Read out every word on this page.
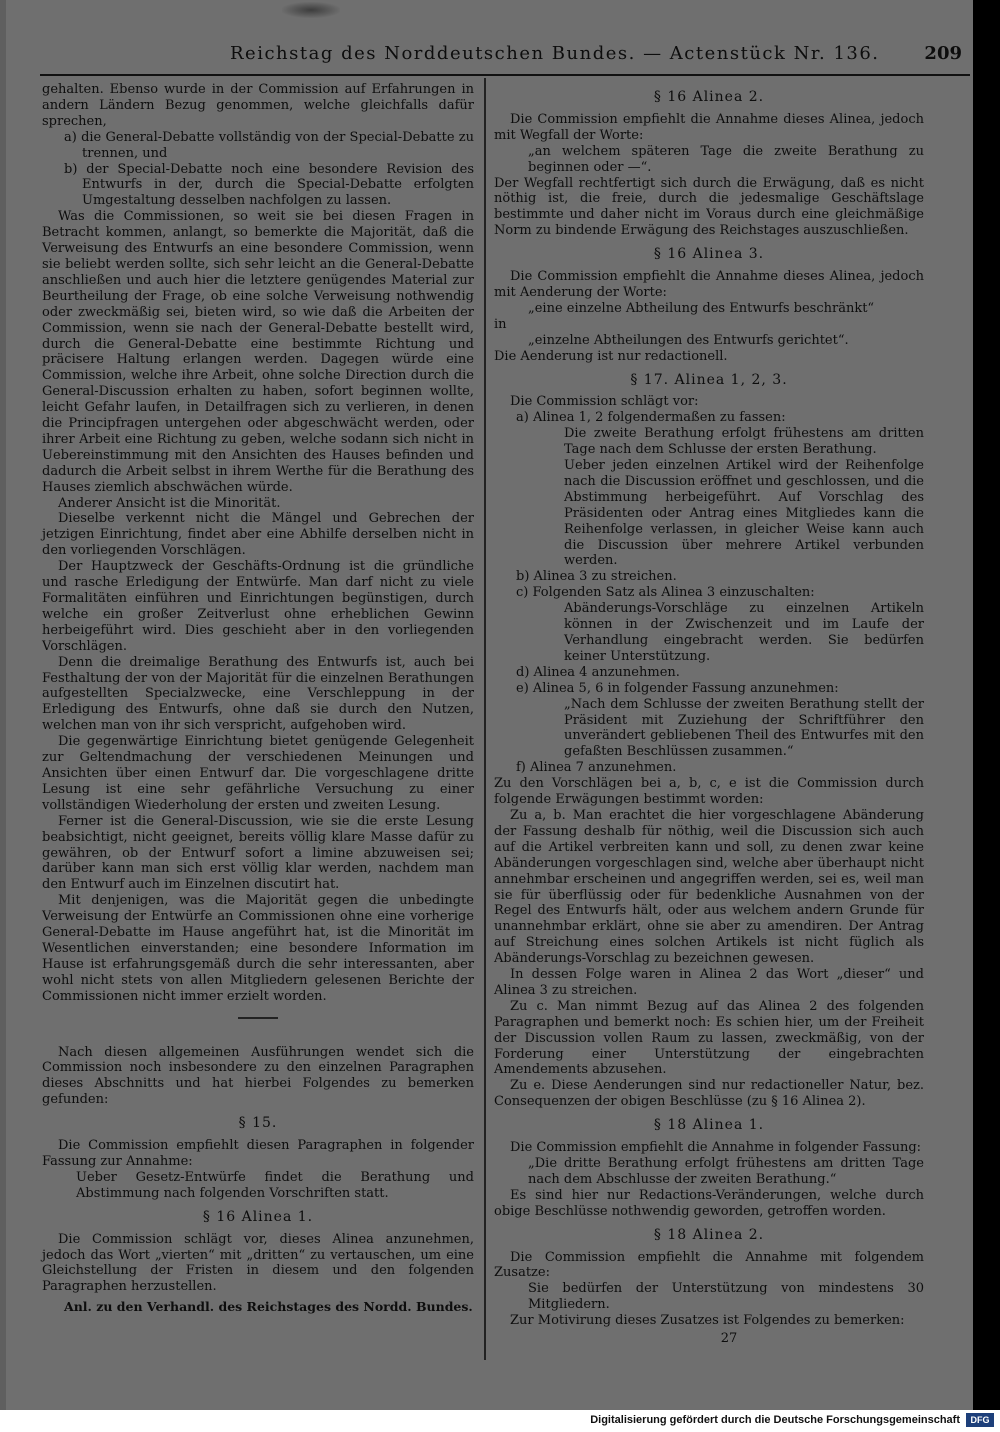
Reichstag des Norddeutschen Bundes. — Actenstück Nr. 136. 209

gehalten. Ebenso wurde in der Commission auf Erfahrungen in andern Ländern Bezug genommen, welche gleichfalls dafür sprechen,

a) die General-Debatte vollständig von der Special-Debatte zu trennen, und

b) der Special-Debatte noch eine besondere Revision des Entwurfs in der, durch die Special-Debatte erfolgten Umgestaltung desselben nachfolgen zu lassen.

Was die Commissionen, so weit sie bei diesen Fragen in Betracht kommen, anlangt, so bemerkte die Majorität, daß die Verweisung des Entwurfs an eine besondere Commission, wenn sie beliebt werden sollte, sich sehr leicht an die General-Debatte anschließen und auch hier die letztere genügendes Material zur Beurtheilung der Frage, ob eine solche Verweisung nothwendig oder zweckmäßig sei, bieten wird, so wie daß die Arbeiten der Commission, wenn sie nach der General-Debatte bestellt wird, durch die General-Debatte eine bestimmte Richtung und präcisere Haltung erlangen werden. Dagegen würde eine Commission, welche ihre Arbeit, ohne solche Direction durch die General-Discussion erhalten zu haben, sofort beginnen wollte, leicht Gefahr laufen, in Detailfragen sich zu verlieren, in denen die Principfragen untergehen oder abgeschwächt werden, oder ihrer Arbeit eine Richtung zu geben, welche sodann sich nicht in Uebereinstimmung mit den Ansichten des Hauses befinden und dadurch die Arbeit selbst in ihrem Werthe für die Berathung des Hauses ziemlich abschwächen würde.

Anderer Ansicht ist die Minorität.

Dieselbe verkennt nicht die Mängel und Gebrechen der jetzigen Einrichtung, findet aber eine Abhilfe derselben nicht in den vorliegenden Vorschlägen.

Der Hauptzweck der Geschäfts-Ordnung ist die gründliche und rasche Erledigung der Entwürfe. Man darf nicht zu viele Formalitäten einführen und Einrichtungen begünstigen, durch welche ein großer Zeitverlust ohne erheblichen Gewinn herbeigeführt wird. Dies geschieht aber in den vorliegenden Vorschlägen.

Denn die dreimalige Berathung des Entwurfs ist, auch bei Festhaltung der von der Majorität für die einzelnen Berathungen aufgestellten Specialzwecke, eine Verschleppung in der Erledigung des Entwurfs, ohne daß sie durch den Nutzen, welchen man von ihr sich verspricht, aufgehoben wird.

Die gegenwärtige Einrichtung bietet genügende Gelegenheit zur Geltendmachung der verschiedenen Meinungen und Ansichten über einen Entwurf dar. Die vorgeschlagene dritte Lesung ist eine sehr gefährliche Versuchung zu einer vollständigen Wiederholung der ersten und zweiten Lesung.

Ferner ist die General-Discussion, wie sie die erste Lesung beabsichtigt, nicht geeignet, bereits völlig klare Masse dafür zu gewähren, ob der Entwurf sofort a limine abzuweisen sei; darüber kann man sich erst völlig klar werden, nachdem man den Entwurf auch im Einzelnen discutirt hat.

Mit denjenigen, was die Majorität gegen die unbedingte Verweisung der Entwürfe an Commissionen ohne eine vorherige General-Debatte im Hause angeführt hat, ist die Minorität im Wesentlichen einverstanden; eine besondere Information im Hause ist erfahrungsgemäß durch die sehr interessanten, aber wohl nicht stets von allen Mitgliedern gelesenen Berichte der Commissionen nicht immer erzielt worden.

Nach diesen allgemeinen Ausführungen wendet sich die Commission noch insbesondere zu den einzelnen Paragraphen dieses Abschnitts und hat hierbei Folgendes zu bemerken gefunden:

§ 15.

Die Commission empfiehlt diesen Paragraphen in folgender Fassung zur Annahme:

Ueber Gesetz-Entwürfe findet die Berathung und Abstimmung nach folgenden Vorschriften statt.

§ 16 Alinea 1.

Die Commission schlägt vor, dieses Alinea anzunehmen, jedoch das Wort „vierten“ mit „dritten“ zu vertauschen, um eine Gleichstellung der Fristen in diesem und den folgenden Paragraphen herzustellen.

Anl. zu den Verhandl. des Reichstages des Nordd. Bundes.
§ 16 Alinea 2.

Die Commission empfiehlt die Annahme dieses Alinea, jedoch mit Wegfall der Worte:

„an welchem späteren Tage die zweite Berathung zu beginnen oder —“.

Der Wegfall rechtfertigt sich durch die Erwägung, daß es nicht nöthig ist, die freie, durch die jedesmalige Geschäftslage bestimmte und daher nicht im Voraus durch eine gleichmäßige Norm zu bindende Erwägung des Reichstages auszuschließen.

§ 16 Alinea 3.

Die Commission empfiehlt die Annahme dieses Alinea, jedoch mit Aenderung der Worte:

„eine einzelne Abtheilung des Entwurfs beschränkt“

in

„einzelne Abtheilungen des Entwurfs gerichtet“.

Die Aenderung ist nur redactionell.

§ 17. Alinea 1, 2, 3.

Die Commission schlägt vor:

a) Alinea 1, 2 folgendermaßen zu fassen:

Die zweite Berathung erfolgt frühestens am dritten Tage nach dem Schlusse der ersten Berathung.

Ueber jeden einzelnen Artikel wird der Reihenfolge nach die Discussion eröffnet und geschlossen, und die Abstimmung herbeigeführt. Auf Vorschlag des Präsidenten oder Antrag eines Mitgliedes kann die Reihenfolge verlassen, in gleicher Weise kann auch die Discussion über mehrere Artikel verbunden werden.

b) Alinea 3 zu streichen.

c) Folgenden Satz als Alinea 3 einzuschalten:

Abänderungs-Vorschläge zu einzelnen Artikeln können in der Zwischenzeit und im Laufe der Verhandlung eingebracht werden. Sie bedürfen keiner Unterstützung.

d) Alinea 4 anzunehmen.

e) Alinea 5, 6 in folgender Fassung anzunehmen:

„Nach dem Schlusse der zweiten Berathung stellt der Präsident mit Zuziehung der Schriftführer den unverändert gebliebenen Theil des Entwurfes mit den gefaßten Beschlüssen zusammen.“

f) Alinea 7 anzunehmen.

Zu den Vorschlägen bei a, b, c, e ist die Commission durch folgende Erwägungen bestimmt worden:

Zu a, b. Man erachtet die hier vorgeschlagene Abänderung der Fassung deshalb für nöthig, weil die Discussion sich auch auf die Artikel verbreiten kann und soll, zu denen zwar keine Abänderungen vorgeschlagen sind, welche aber überhaupt nicht annehmbar erscheinen und angegriffen werden, sei es, weil man sie für überflüssig oder für bedenkliche Ausnahmen von der Regel des Entwurfs hält, oder aus welchem andern Grunde für unannehmbar erklärt, ohne sie aber zu amendiren. Der Antrag auf Streichung eines solchen Artikels ist nicht füglich als Abänderungs-Vorschlag zu bezeichnen gewesen.

In dessen Folge waren in Alinea 2 das Wort „dieser“ und Alinea 3 zu streichen.

Zu c. Man nimmt Bezug auf das Alinea 2 des folgenden Paragraphen und bemerkt noch: Es schien hier, um der Freiheit der Discussion vollen Raum zu lassen, zweckmäßig, von der Forderung einer Unterstützung der eingebrachten Amendements abzusehen.

Zu e. Diese Aenderungen sind nur redactioneller Natur, bez. Consequenzen der obigen Beschlüsse (zu § 16 Alinea 2).

§ 18 Alinea 1.

Die Commission empfiehlt die Annahme in folgender Fassung:

„Die dritte Berathung erfolgt frühestens am dritten Tage nach dem Abschlusse der zweiten Berathung.“

Es sind hier nur Redactions-Veränderungen, welche durch obige Beschlüsse nothwendig geworden, getroffen worden.

§ 18 Alinea 2.

Die Commission empfiehlt die Annahme mit folgendem Zusatze:

Sie bedürfen der Unterstützung von mindestens 30 Mitgliedern.

Zur Motivirung dieses Zusatzes ist Folgendes zu bemerken:

27
Digitalisierung gefördert durch die Deutsche Forschungsgemeinschaft	DFG
